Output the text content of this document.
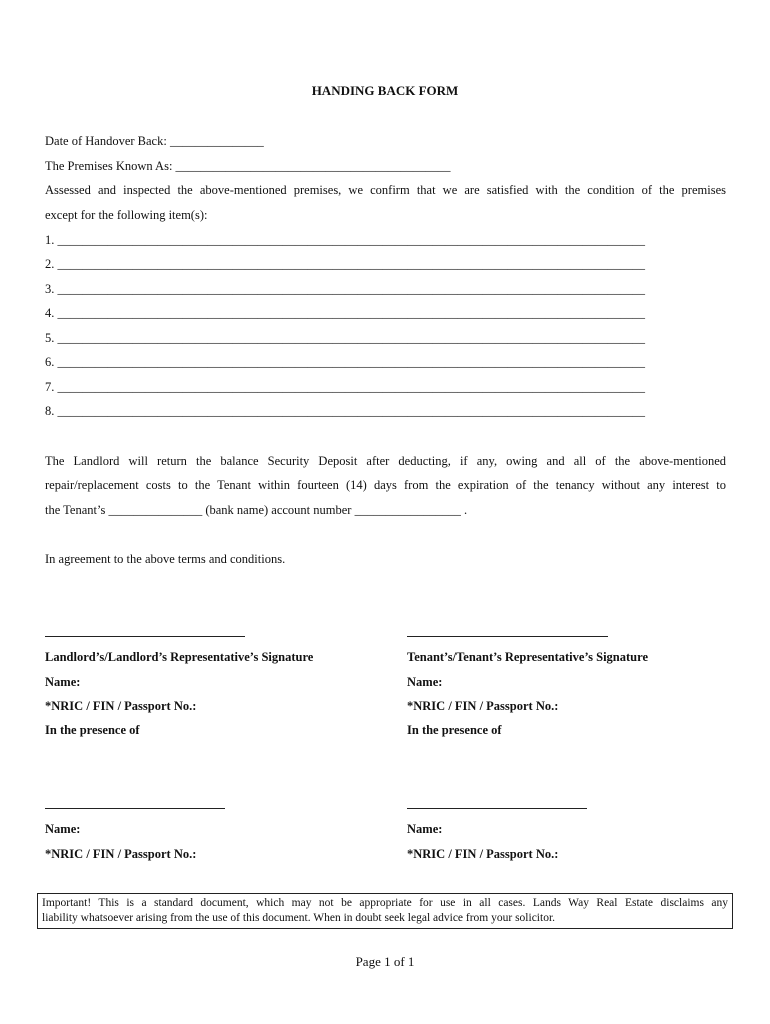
HANDING BACK FORM
Date of Handover Back: _______________
The Premises Known As: ____________________________________________
Assessed and inspected the above-mentioned premises, we confirm that we are satisfied with the condition of the premises
except for the following item(s):
1. ______________________________________________________________________________________________
2. ______________________________________________________________________________________________
3. ______________________________________________________________________________________________
4. ______________________________________________________________________________________________
5. ______________________________________________________________________________________________
6. ______________________________________________________________________________________________
7. ______________________________________________________________________________________________
8. ______________________________________________________________________________________________
The Landlord will return the balance Security Deposit after deducting, if any, owing and all of the above-mentioned
repair/replacement costs to the Tenant within fourteen (14) days from the expiration of the tenancy without any interest to
the Tenant’s _______________ (bank name) account number _________________ .
In agreement to the above terms and conditions.
Landlord’s/Landlord’s Representative’s Signature
Name:
*NRIC / FIN / Passport No.:
In the presence of
Name:
*NRIC / FIN / Passport No.:
Tenant’s/Tenant’s Representative’s Signature
Name:
*NRIC / FIN / Passport No.:
In the presence of
Name:
*NRIC / FIN / Passport No.:
Important! This is a standard document, which may not be appropriate for use in all cases. Lands Way Real Estate disclaims any
liability whatsoever arising from the use of this document. When in doubt seek legal advice from your solicitor.
Page 1 of 1
